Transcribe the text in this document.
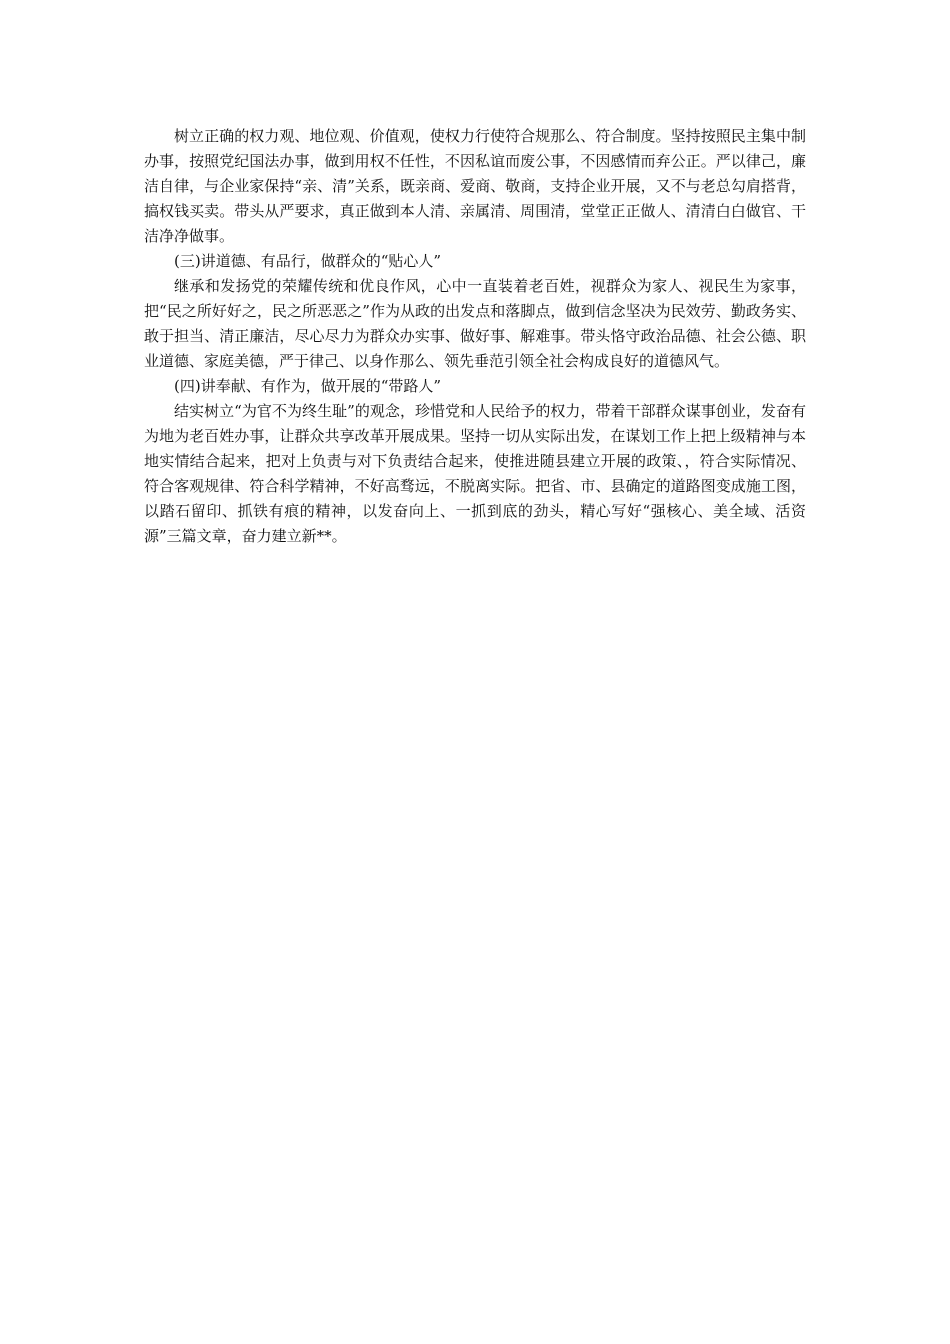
树立正确的权力观、地位观、价值观，使权力行使符合规那么、符合制度。坚持按照民主集中制办事，按照党纪国法办事，做到用权不任性，不因私谊而废公事，不因感情而弃公正。严以律己，廉洁自律，与企业家保持“亲、清”关系，既亲商、爱商、敬商，支持企业开展，又不与老总勾肩搭背，搞权钱买卖。带头从严要求，真正做到本人清、亲属清、周围清，堂堂正正做人、清清白白做官、干洁净净做事。

(三)讲道德、有品行，做群众的“贴心人”

继承和发扬党的荣耀传统和优良作风，心中一直装着老百姓，视群众为家人、视民生为家事，把“民之所好好之，民之所恶恶之”作为从政的出发点和落脚点，做到信念坚决为民效劳、勤政务实、敢于担当、清正廉洁，尽心尽力为群众办实事、做好事、解难事。带头恪守政治品德、社会公德、职业道德、家庭美德，严于律己、以身作那么、领先垂范引领全社会构成良好的道德风气。

(四)讲奉献、有作为，做开展的“带路人”

结实树立“为官不为终生耻”的观念，珍惜党和人民给予的权力，带着干部群众谋事创业，发奋有为地为老百姓办事，让群众共享改革开展成果。坚持一切从实际出发，在谋划工作上把上级精神与本地实情结合起来，把对上负责与对下负责结合起来，使推进随县建立开展的政策、，符合实际情况、符合客观规律、符合科学精神，不好高骛远，不脱离实际。把省、市、县确定的道路图变成施工图，以踏石留印、抓铁有痕的精神，以发奋向上、一抓到底的劲头，精心写好“强核心、美全域、活资源”三篇文章，奋力建立新**。
